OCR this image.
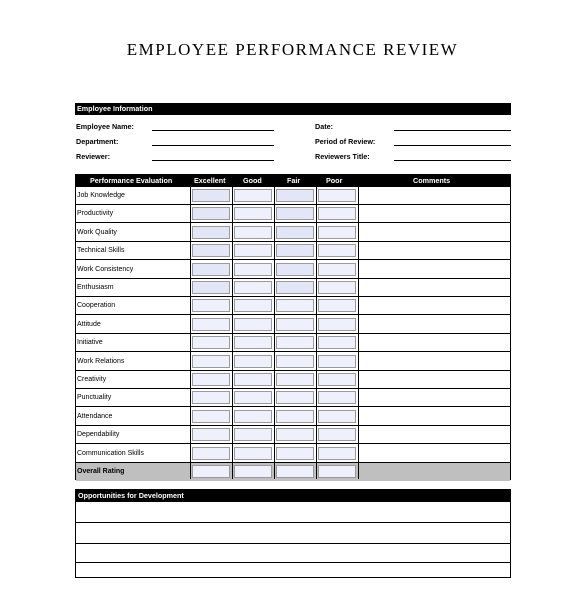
EMPLOYEE PERFORMANCE REVIEW
Employee Information
Employee Name:
Department:
Reviewer:
Date:
Period of Review:
Reviewers Title:
Performance Evaluation	Excellent Good	Fair	Poor	Comments
Job Knowledge
Productivity
Work Quality
Technical Skills
Work Consistency
Enthusiasm
Cooperation
Attitude
Initiative
Work Relations
Creativity
Punctuality
Attendance
Dependability
Communication Skills
Overall Rating
Opportunities for Development
